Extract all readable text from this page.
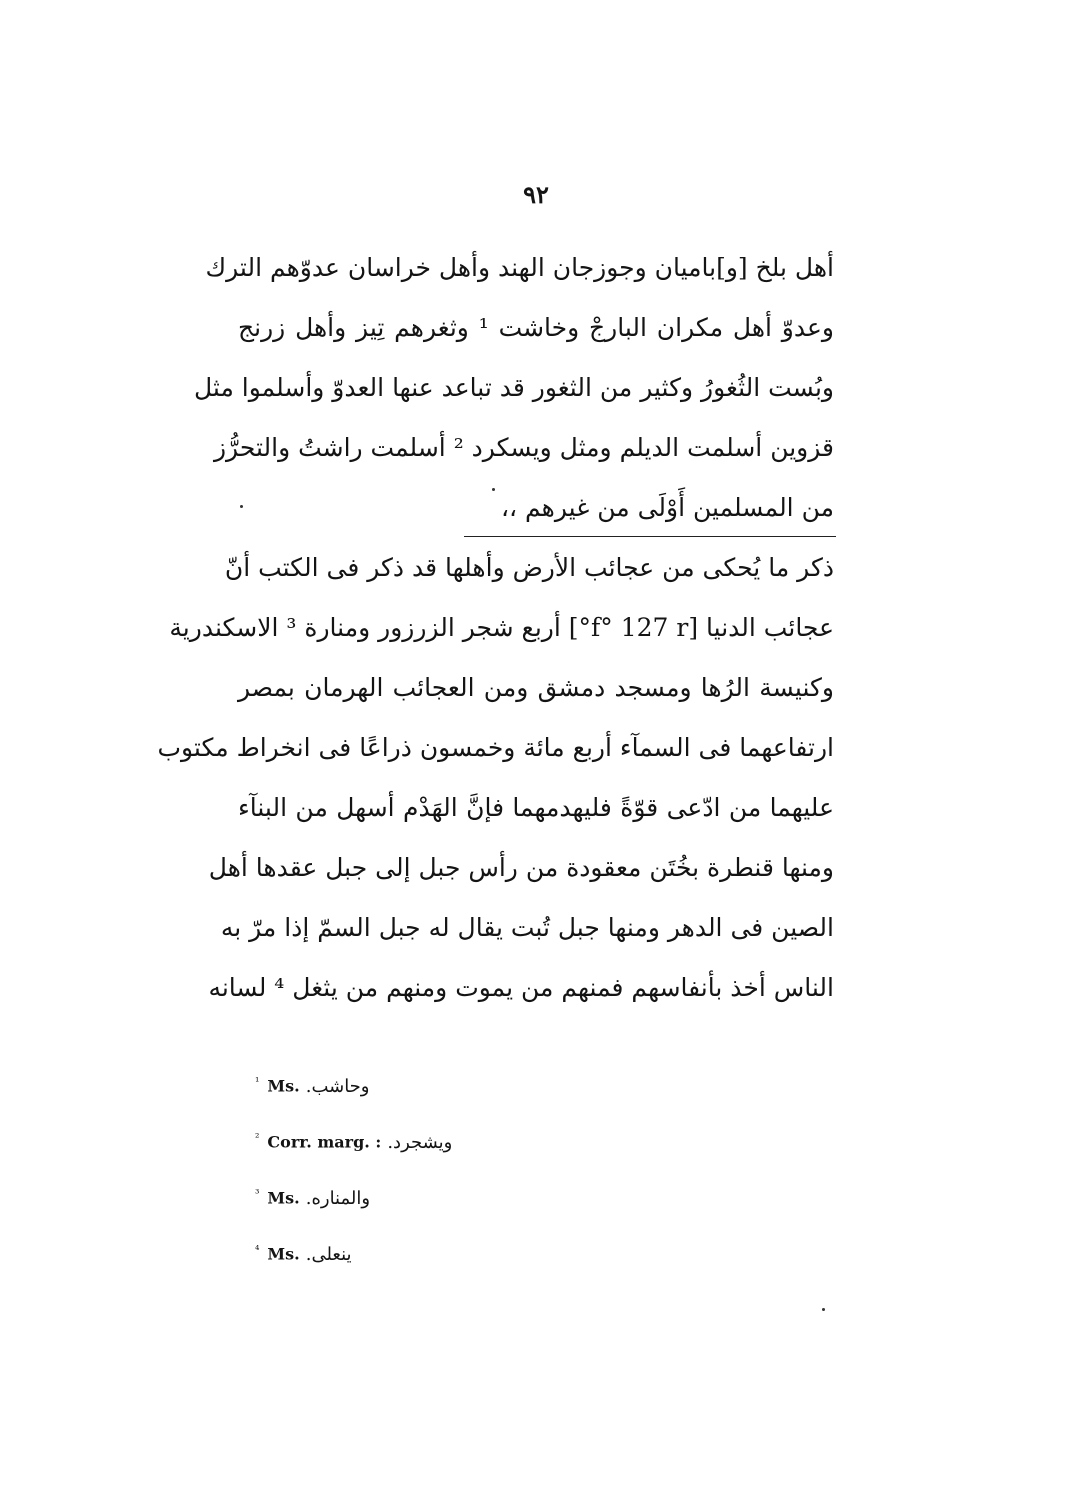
٩٢
أهل بلخ [و]باميان وجوزجان الهند وأهل خراسان عدوّهم الترك
وعدوّ أهل مكران البارجْ وخاشت ¹ وثغرهم تِيز وأهل زرنج
وبُست الثُغورُ وكثير من الثغور قد تباعد عنها العدوّ وأسلموا مثل
قزوين أسلمت الديلم ومثل ويسكرد ² أسلمت راشتُ والتحرُّز
من المسلمين أَوْلَى من غيرهم ،،
ذكر ما يُحكى من عجائب الأرض وأهلها قد ذكر فى الكتب أنّ
عجائب الدنيا [f° 127 r°] أربع شجر الزرزور ومنارة ³ الاسكندرية
وكنيسة الرُها ومسجد دمشق ومن العجائب الهرمان بمصر
ارتفاعهما فى السمآء أربع مائة وخمسون ذراعًا فى انخراط مكتوب
عليهما من ادّعى قوّةً فليهدمهما فإنَّ الهَدْم أسهل من البنآء
ومنها قنطرة بخُتَن معقودة من رأس جبل إلى جبل عقدها أهل
الصين فى الدهر ومنها جبل تُبت يقال له جبل السمّ إذا مرّ به
الناس أخذ بأنفاسهم فمنهم من يموت ومنهم من يثغل ⁴ لسانه
$^{^1}$ Ms. وحاشب.
$^{^2}$ Corr. marg. : ويشجرد.
$^{^3}$ Ms. والمناره.
$^{^4}$ Ms. ينعلى.
